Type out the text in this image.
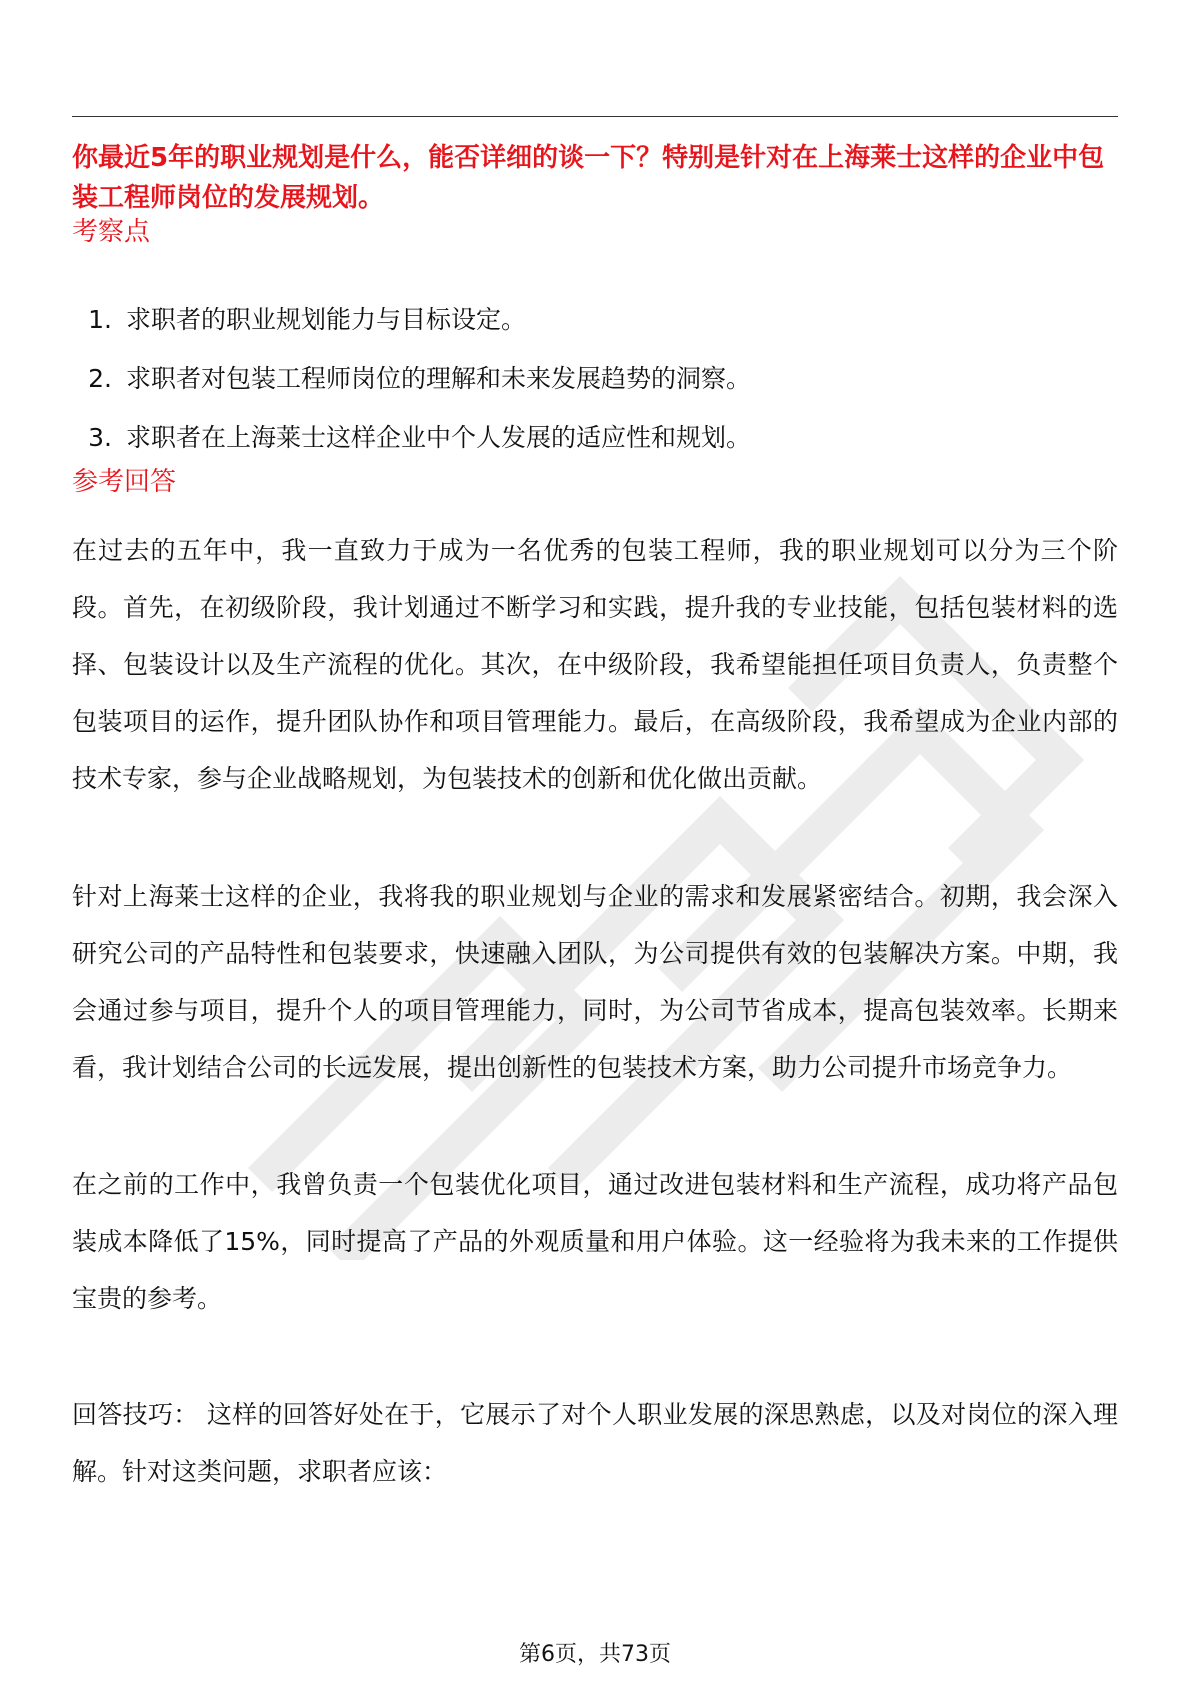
你最近5年的职业规划是什么，能否详细的谈一下？特别是针对在上海莱士这样的企业中包装工程师岗位的发展规划。

考察点
1. 求职者的职业规划能力与目标设定。
2. 求职者对包装工程师岗位的理解和未来发展趋势的洞察。
3. 求职者在上海莱士这样企业中个人发展的适应性和规划。
参考回答

在过去的五年中，我一直致力于成为一名优秀的包装工程师，我的职业规划可以分为三个阶段。首先，在初级阶段，我计划通过不断学习和实践，提升我的专业技能，包括包装材料的选择、包装设计以及生产流程的优化。其次，在中级阶段，我希望能担任项目负责人，负责整个包装项目的运作，提升团队协作和项目管理能力。最后，在高级阶段，我希望成为企业内部的技术专家，参与企业战略规划，为包装技术的创新和优化做出贡献。

针对上海莱士这样的企业，我将我的职业规划与企业的需求和发展紧密结合。初期，我会深入研究公司的产品特性和包装要求，快速融入团队，为公司提供有效的包装解决方案。中期，我会通过参与项目，提升个人的项目管理能力，同时，为公司节省成本，提高包装效率。长期来看，我计划结合公司的长远发展，提出创新性的包装技术方案，助力公司提升市场竞争力。

在之前的工作中，我曾负责一个包装优化项目，通过改进包装材料和生产流程，成功将产品包装成本降低了15%，同时提高了产品的外观质量和用户体验。这一经验将为我未来的工作提供宝贵的参考。

回答技巧： 这样的回答好处在于，它展示了对个人职业发展的深思熟虑，以及对岗位的深入理解。针对这类问题，求职者应该：

第6页，共73页
